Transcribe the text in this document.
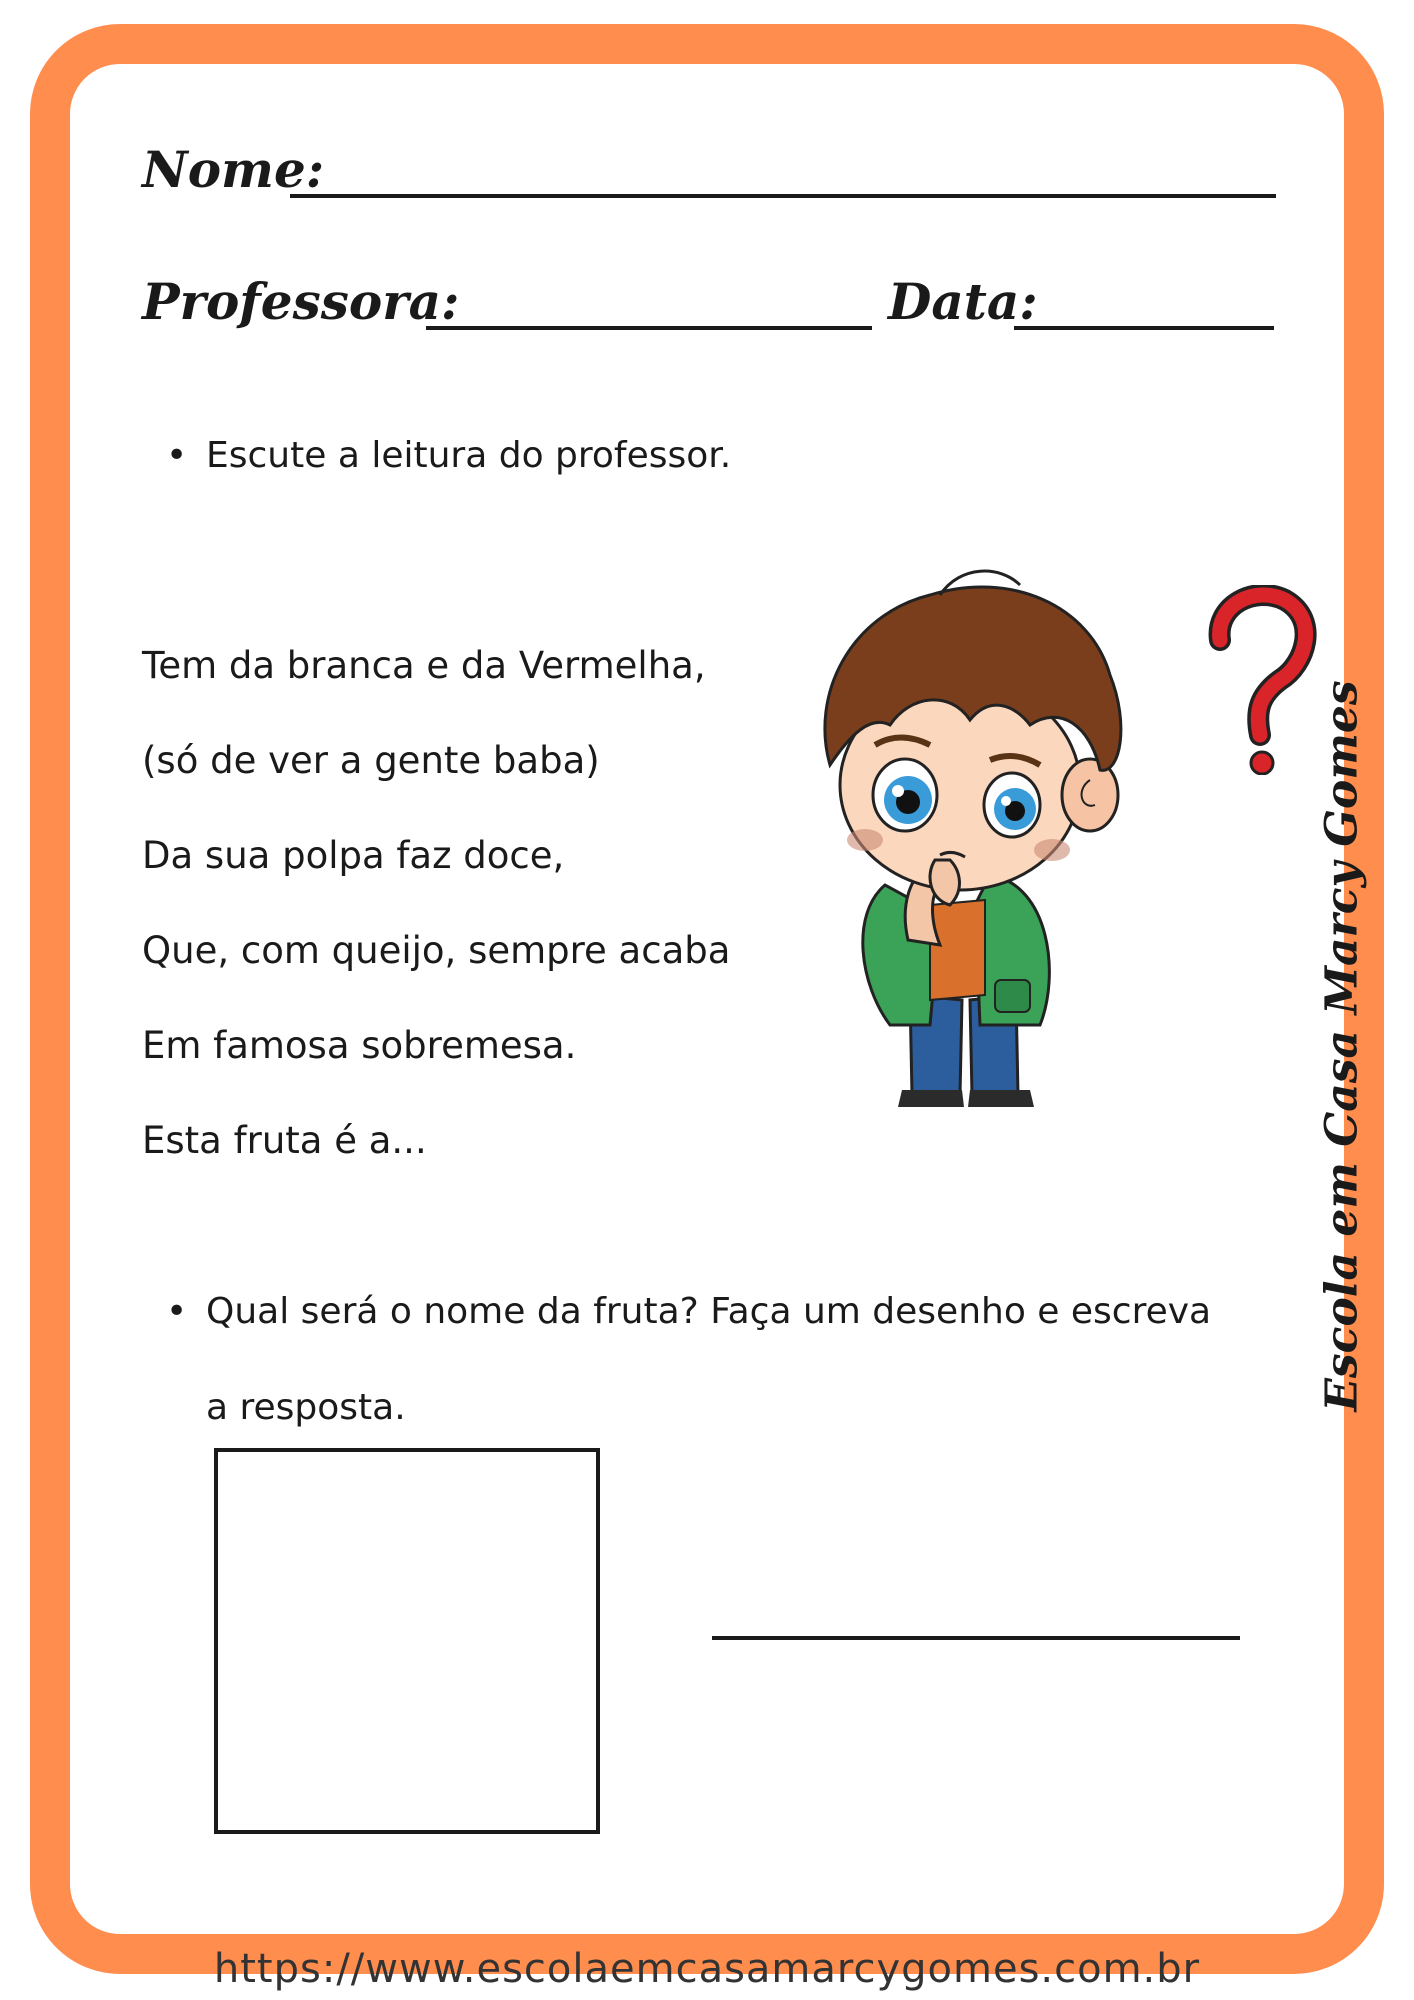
Nome:
Professora:	Data:
• Escute a leitura do professor.
Tem da branca e da Vermelha,
(só de ver a gente baba)
Da sua polpa faz doce,
Que, com queijo, sempre acaba
Em famosa sobremesa.
Esta fruta é a...
• Qual será o nome da fruta? Faça um desenho e escreva
a resposta.	Escola em Casa Marcy Gomes
https://www.escolaemcasamarcygomes.com.br
